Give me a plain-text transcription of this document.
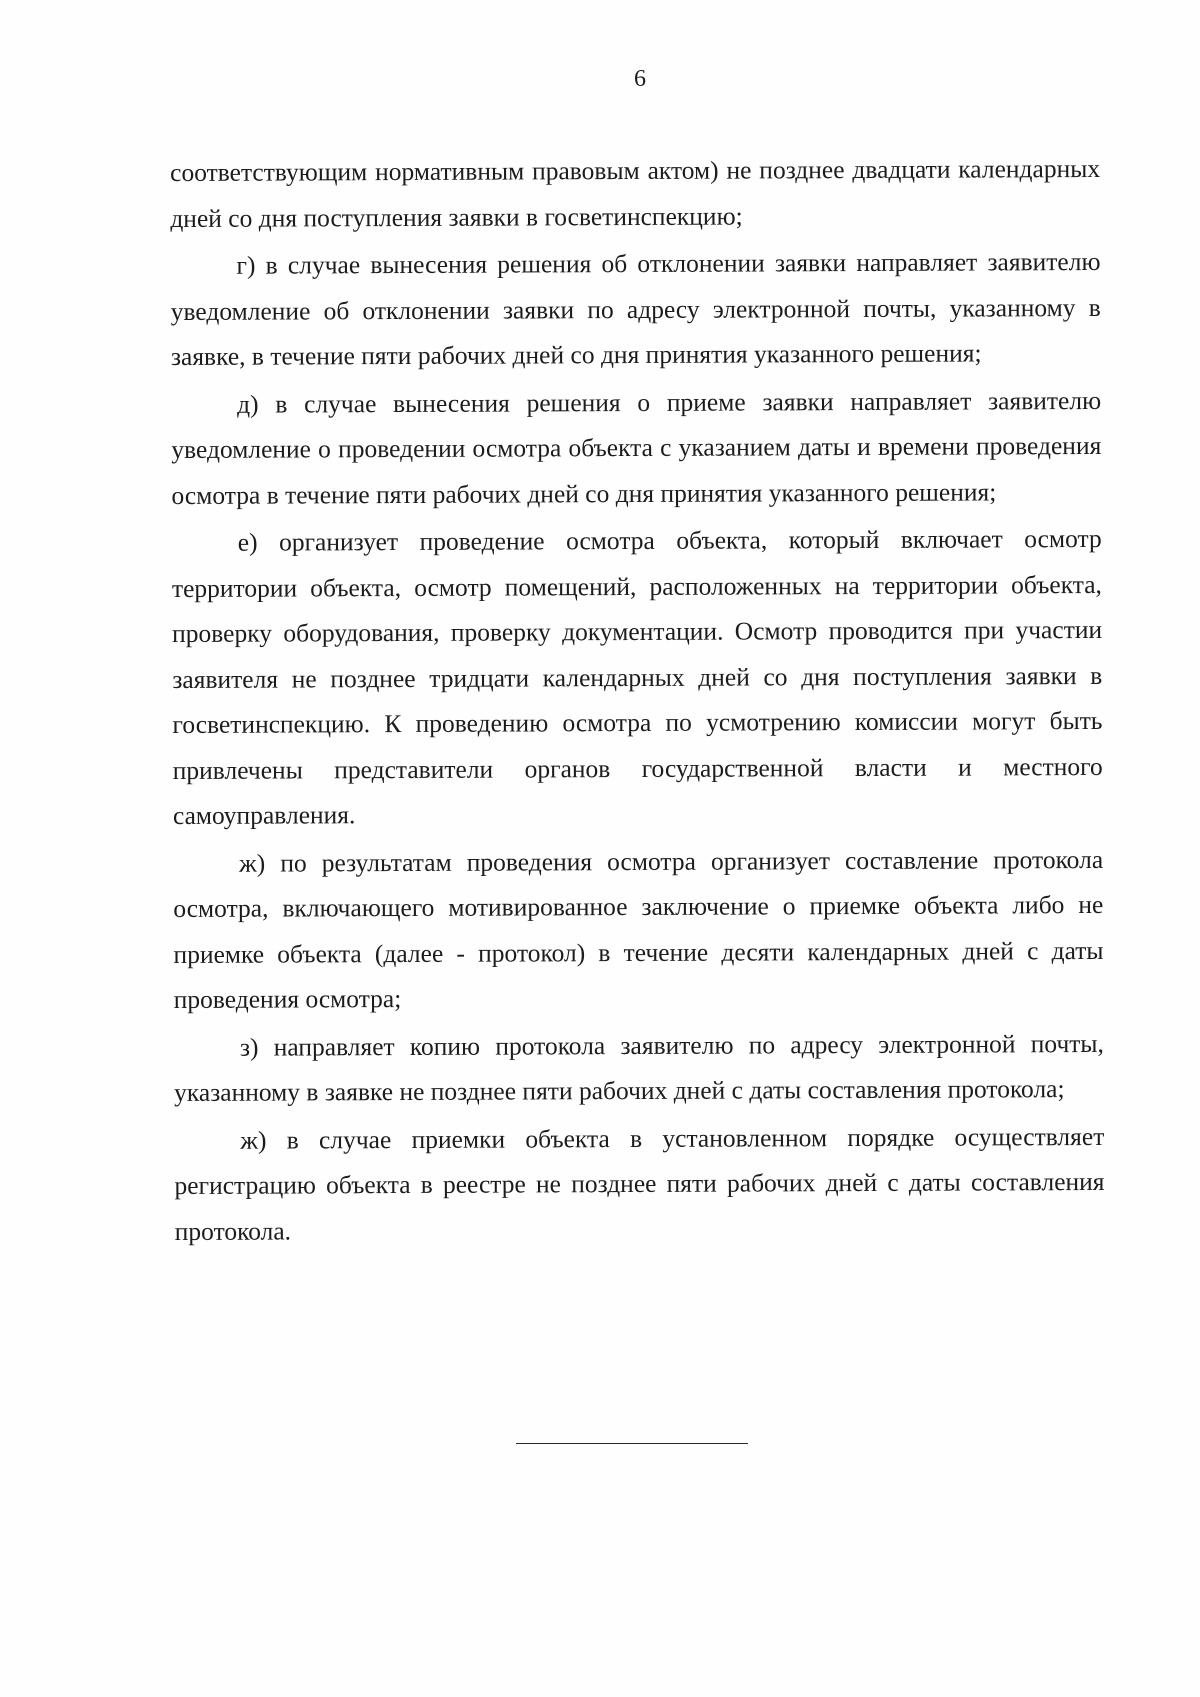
6

соответствующим нормативным правовым актом) не позднее двадцати календарных дней со дня поступления заявки в госветинспекцию;

г) в случае вынесения решения об отклонении заявки направляет заявителю уведомление об отклонении заявки по адресу электронной почты, указанному в заявке, в течение пяти рабочих дней со дня принятия указанного решения;

д) в случае вынесения решения о приеме заявки направляет заявителю уведомление о проведении осмотра объекта с указанием даты и времени проведения осмотра в течение пяти рабочих дней со дня принятия указанного решения;

е) организует проведение осмотра объекта, который включает осмотр территории объекта, осмотр помещений, расположенных на территории объекта, проверку оборудования, проверку документации. Осмотр проводится при участии заявителя не позднее тридцати календарных дней со дня поступления заявки в госветинспекцию. К проведению осмотра по усмотрению комиссии могут быть привлечены представители органов государственной власти и местного самоуправления.

ж) по результатам проведения осмотра организует составление протокола осмотра, включающего мотивированное заключение о приемке объекта либо не приемке объекта (далее - протокол) в течение десяти календарных дней с даты проведения осмотра;

з) направляет копию протокола заявителю по адресу электронной почты, указанному в заявке не позднее пяти рабочих дней с даты составления протокола;

ж) в случае приемки объекта в установленном порядке осуществляет регистрацию объекта в реестре не позднее пяти рабочих дней с даты составления протокола.
